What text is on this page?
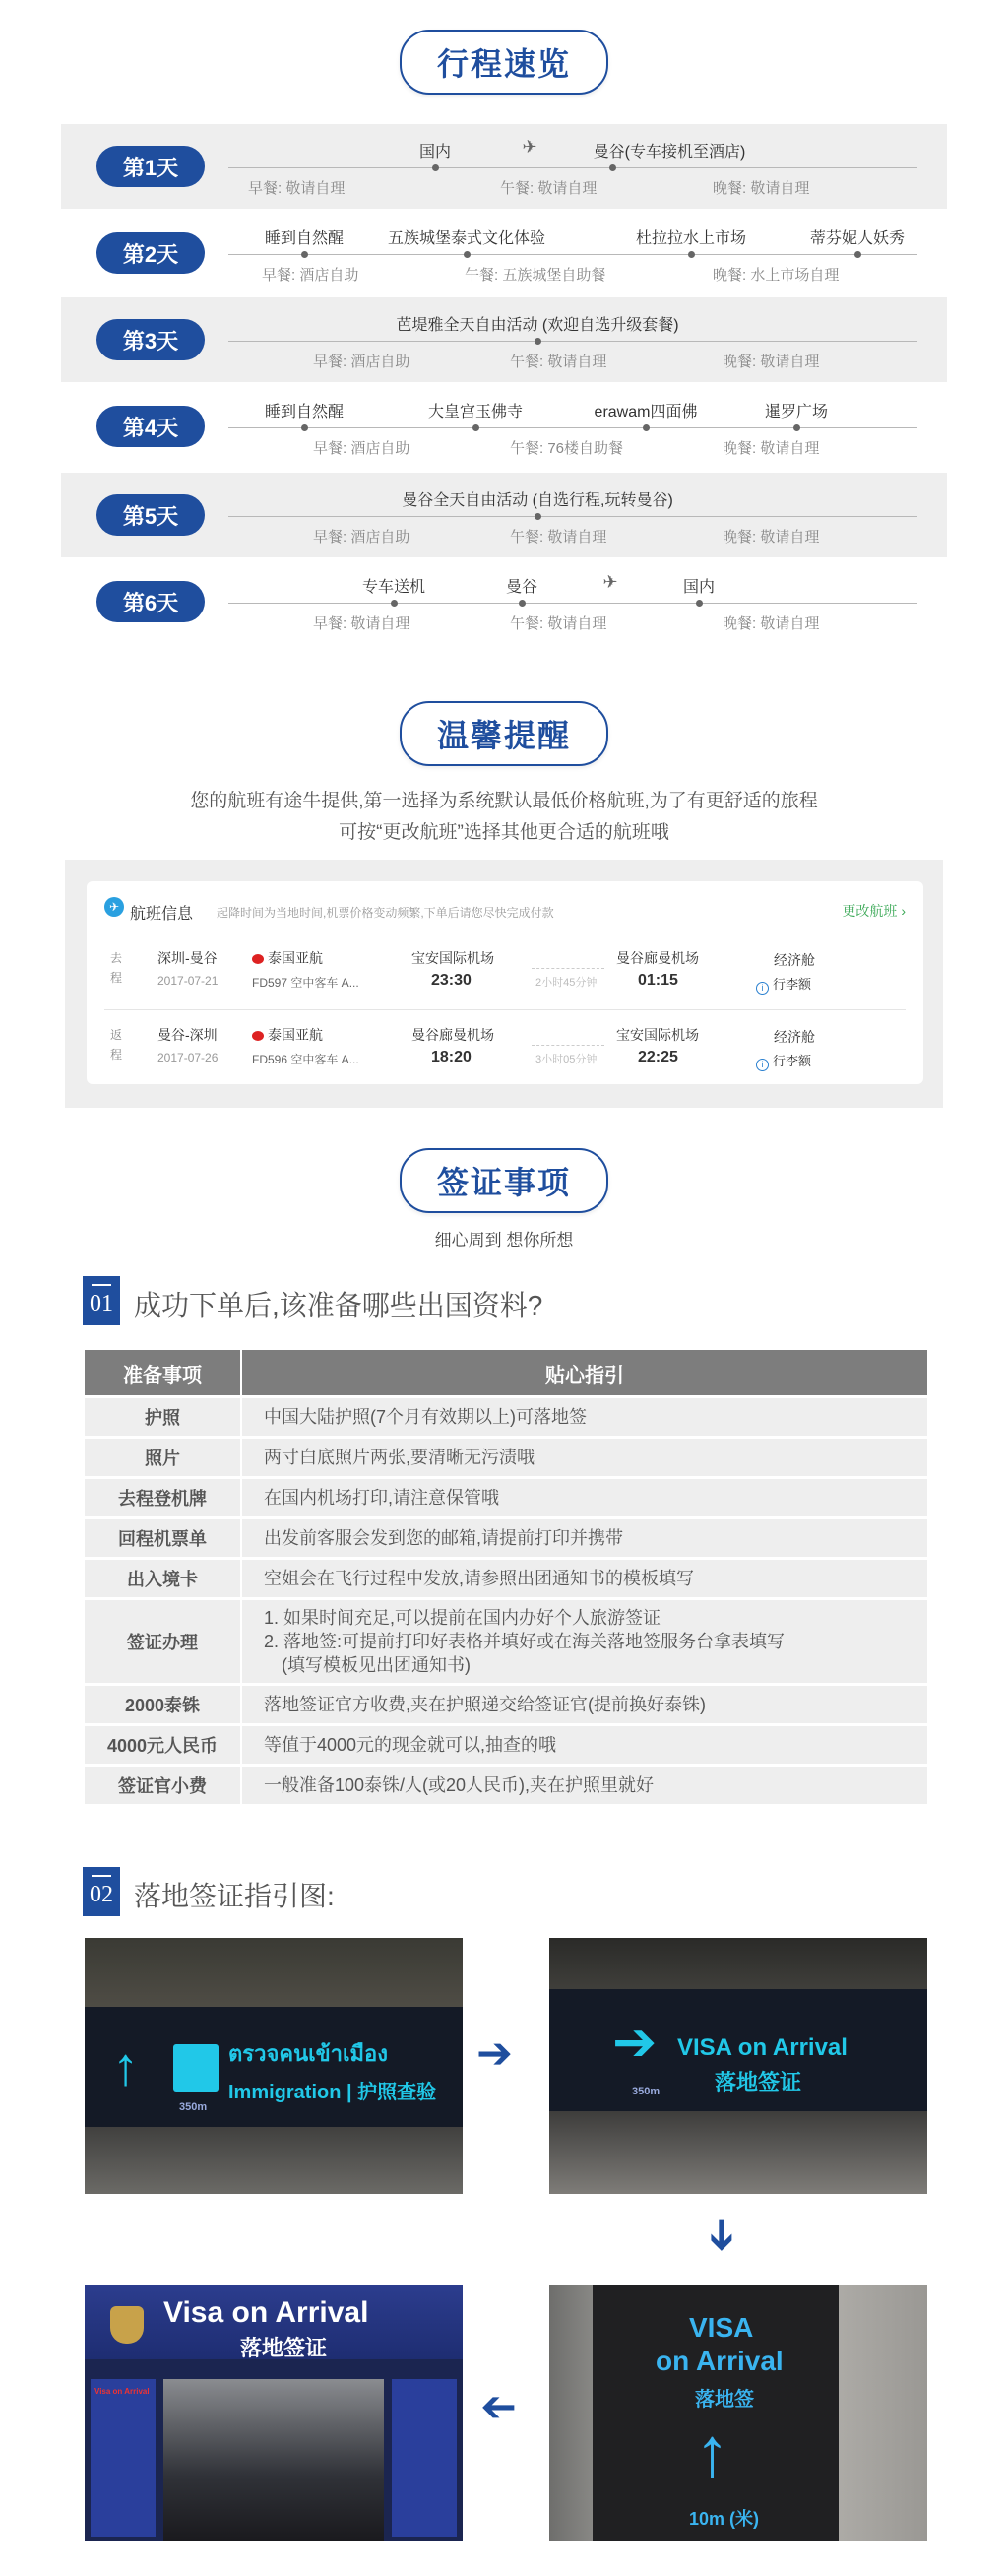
行程速览
第1天
国内	✈	曼谷(专车接机至酒店)
早餐: 敬请自理	午餐: 敬请自理	晚餐: 敬请自理
第2天
睡到自然醒	五族城堡泰式文化体验	杜拉拉水上市场	蒂芬妮人妖秀
早餐: 酒店自助	午餐: 五族城堡自助餐	晚餐: 水上市场自理
第3天
芭堤雅全天自由活动 (欢迎自选升级套餐)
早餐: 酒店自助	午餐: 敬请自理	晚餐: 敬请自理
第4天
睡到自然醒	大皇宫玉佛寺	erawam四面佛	暹罗广场
早餐: 酒店自助	午餐: 76楼自助餐	晚餐: 敬请自理
第5天
曼谷全天自由活动 (自选行程,玩转曼谷)
早餐: 酒店自助	午餐: 敬请自理	晚餐: 敬请自理
第6天
专车送机	曼谷	✈	国内
早餐: 敬请自理	午餐: 敬请自理	晚餐: 敬请自理
温馨提醒
您的航班有途牛提供,第一选择为系统默认最低价格航班,为了有更舒适的旅程
可按“更改航班”选择其他更合适的航班哦
✈ 航班信息 起降时间为当地时间,机票价格变动频繁,下单后请您尽快完成付款	更改航班 ›
去程
深圳-曼谷
2017-07-21
泰国亚航
FD597 空中客车 A...
宝安国际机场
23:30	2小时45分钟
曼谷廊曼机场
01:15
经济舱
i 行李额
返程
曼谷-深圳
2017-07-26
泰国亚航
FD596 空中客车 A...
曼谷廊曼机场
18:20	3小时05分钟
宝安国际机场
22:25
经济舱
i 行李额
签证事项
细心周到 想你所想
01 成功下单后,该准备哪些出国资料?
准备事项	贴心指引
护照	中国大陆护照(7个月有效期以上)可落地签
照片	两寸白底照片两张,要清晰无污渍哦
去程登机牌	在国内机场打印,请注意保管哦
回程机票单	出发前客服会发到您的邮箱,请提前打印并携带
出入境卡	空姐会在飞行过程中发放,请参照出团通知书的模板填写
签证办理	1. 如果时间充足,可以提前在国内办好个人旅游签证
2. 落地签:可提前打印好表格并填好或在海关落地签服务台拿表填写
(填写模板见出团通知书)

2000泰铢	落地签证官方收费,夹在护照递交给签证官(提前换好泰铢)
4000元人民币	等值于4000元的现金就可以,抽查的哦
签证官小费	一般准备100泰铢/人(或20人民币),夹在护照里就好
02 落地签证指引图:
↑	ตรวจคนเข้าเมือง
Immigration | 护照查验
350m
➔ ➔ VISA on Arrival
落地签证
350m
➔
Visa on Arrival
落地签证
Visa on Arrival	➔
VISA
on Arrival
落地签
↑
10m (米)
